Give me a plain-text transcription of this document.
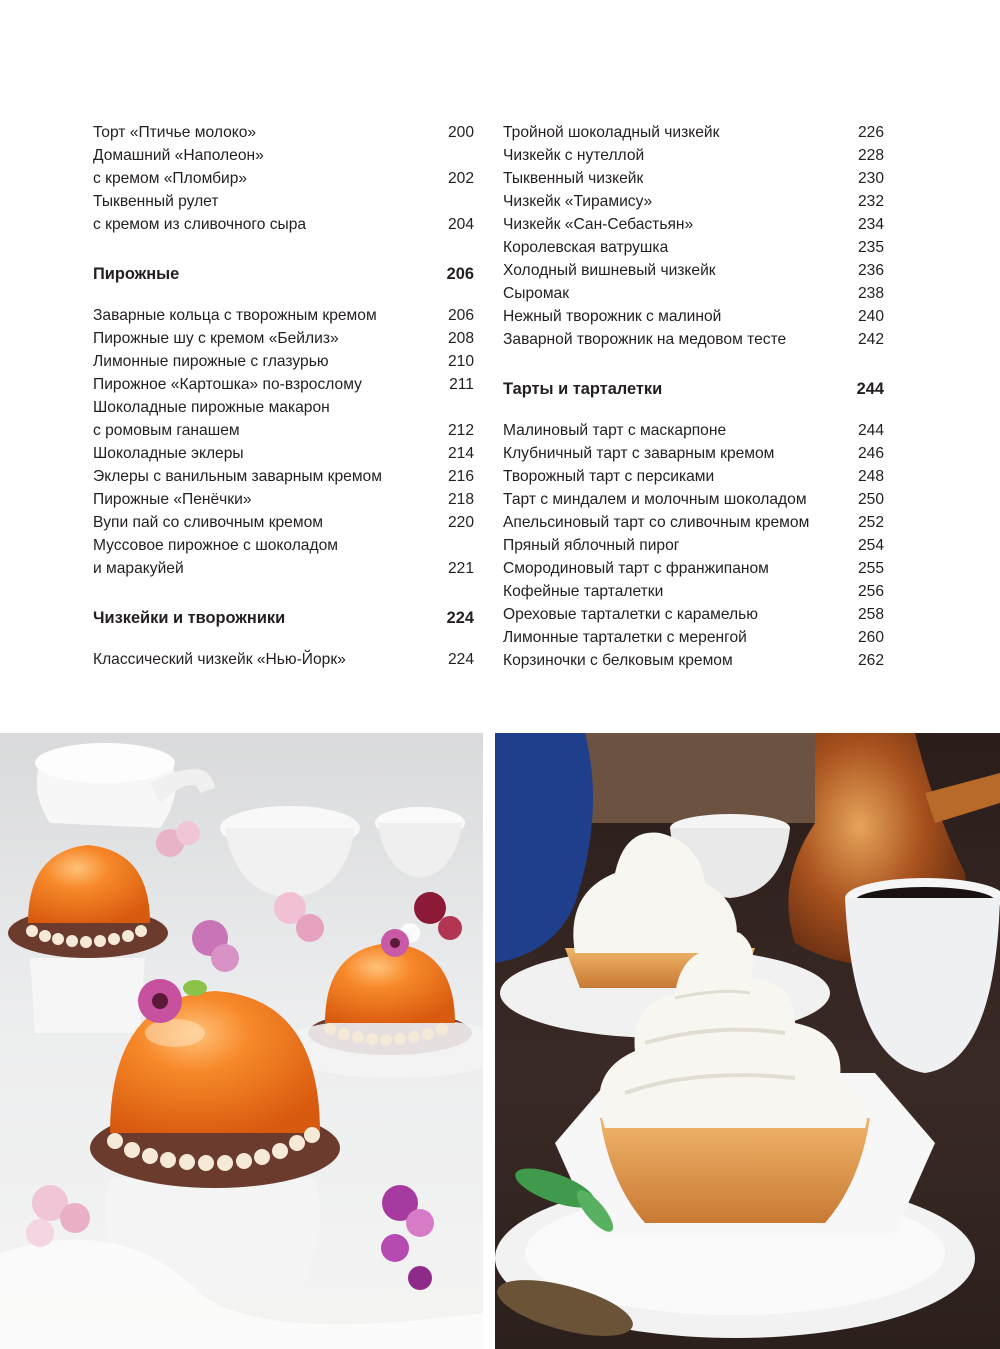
Торт «Птичье молоко»	200
Домашний «Наполеон»
с кремом «Пломбир»	202
Тыквенный рулет
с кремом из сливочного сыра	204
Пирожные	206
Заварные кольца с творожным кремом	206
Пирожные шу с кремом «Бейлиз»	208
Лимонные пирожные с глазурью	210
Пирожное «Картошка» по-взрослому	211
Шоколадные пирожные макарон
с ромовым ганашем	212
Шоколадные эклеры	214
Эклеры с ванильным заварным кремом	216
Пирожные «Пенёчки»	218
Вупи пай со сливочным кремом	220
Муссовое пирожное с шоколадом
и маракуйей	221
Чизкейки и творожники	224
Классический чизкейк «Нью-Йорк»	224
Тройной шоколадный чизкейк	226
Чизкейк с нутеллой	228
Тыквенный чизкейк	230
Чизкейк «Тирамису»	232
Чизкейк «Сан-Себастьян»	234
Королевская ватрушка	235
Холодный вишневый чизкейк	236
Сыромак	238
Нежный творожник с малиной	240
Заварной творожник на медовом тесте	242
Тарты и тарталетки	244
Малиновый тарт с маскарпоне	244
Клубничный тарт с заварным кремом	246
Творожный тарт с персиками	248
Тарт с миндалем и молочным шоколадом	250
Апельсиновый тарт со сливочным кремом	252
Пряный яблочный пирог	254
Смородиновый тарт с франжипаном	255
Кофейные тарталетки	256
Ореховые тарталетки с карамелью	258
Лимонные тарталетки с меренгой	260
Корзиночки с белковым кремом	262
